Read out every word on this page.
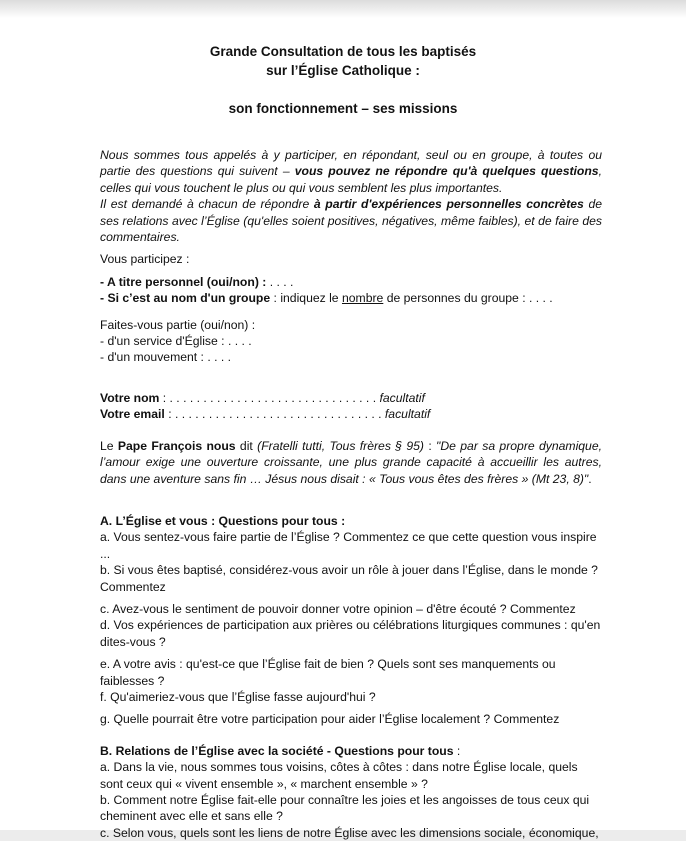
Grande Consultation de tous les baptisés
sur l’Église Catholique :
son fonctionnement – ses missions

Nous sommes tous appelés à y participer, en répondant, seul ou en groupe, à toutes ou partie des questions qui suivent – vous pouvez ne répondre qu'à quelques questions, celles qui vous touchent le plus ou qui vous semblent les plus importantes.
Il est demandé à chacun de répondre à partir d'expériences personnelles concrètes de ses relations avec l’Église (qu'elles soient positives, négatives, même faibles), et de faire des commentaires.

Vous participez :

- A titre personnel (oui/non) : . . . .

- Si c’est au nom d'un groupe : indiquez le nombre de personnes du groupe : . . . .

Faites-vous partie (oui/non) :

- d'un service d'Église : . . . .

- d'un mouvement : . . . .

Votre nom : . . . . . . . . . . . . . . . . . . . . . . . . . . . . . . . facultatif

Votre email : . . . . . . . . . . . . . . . . . . . . . . . . . . . . . . . facultatif

Le Pape François nous dit (Fratelli tutti, Tous frères § 95) : "De par sa propre dynamique, l’amour exige une ouverture croissante, une plus grande capacité à accueillir les autres, dans une aventure sans fin … Jésus nous disait : « Tous vous êtes des frères » (Mt 23, 8)".

A. L’Église et vous : Questions pour tous :

a. Vous sentez-vous faire partie de l’Église ? Commentez ce que cette question vous inspire ...

b. Si vous êtes baptisé, considérez-vous avoir un rôle à jouer dans l’Église, dans le monde ? Commentez

c. Avez-vous le sentiment de pouvoir donner votre opinion – d'être écouté ? Commentez

d. Vos expériences de participation aux prières ou célébrations liturgiques communes : qu'en dites-vous ?

e. A votre avis : qu'est-ce que l’Église fait de bien ? Quels sont ses manquements ou faiblesses ?

f. Qu'aimeriez-vous que l’Église fasse aujourd'hui ?

g. Quelle pourrait être votre participation pour aider l’Église localement ? Commentez

B. Relations de l’Église avec la société - Questions pour tous :

a. Dans la vie, nous sommes tous voisins, côtes à côtes : dans notre Église locale, quels sont ceux qui « vivent ensemble », « marchent ensemble » ?

b. Comment notre Église fait-elle pour connaître les joies et les angoisses de tous ceux qui cheminent avec elle et sans elle ?

c. Selon vous, quels sont les liens de notre Église avec les dimensions sociale, économique,
